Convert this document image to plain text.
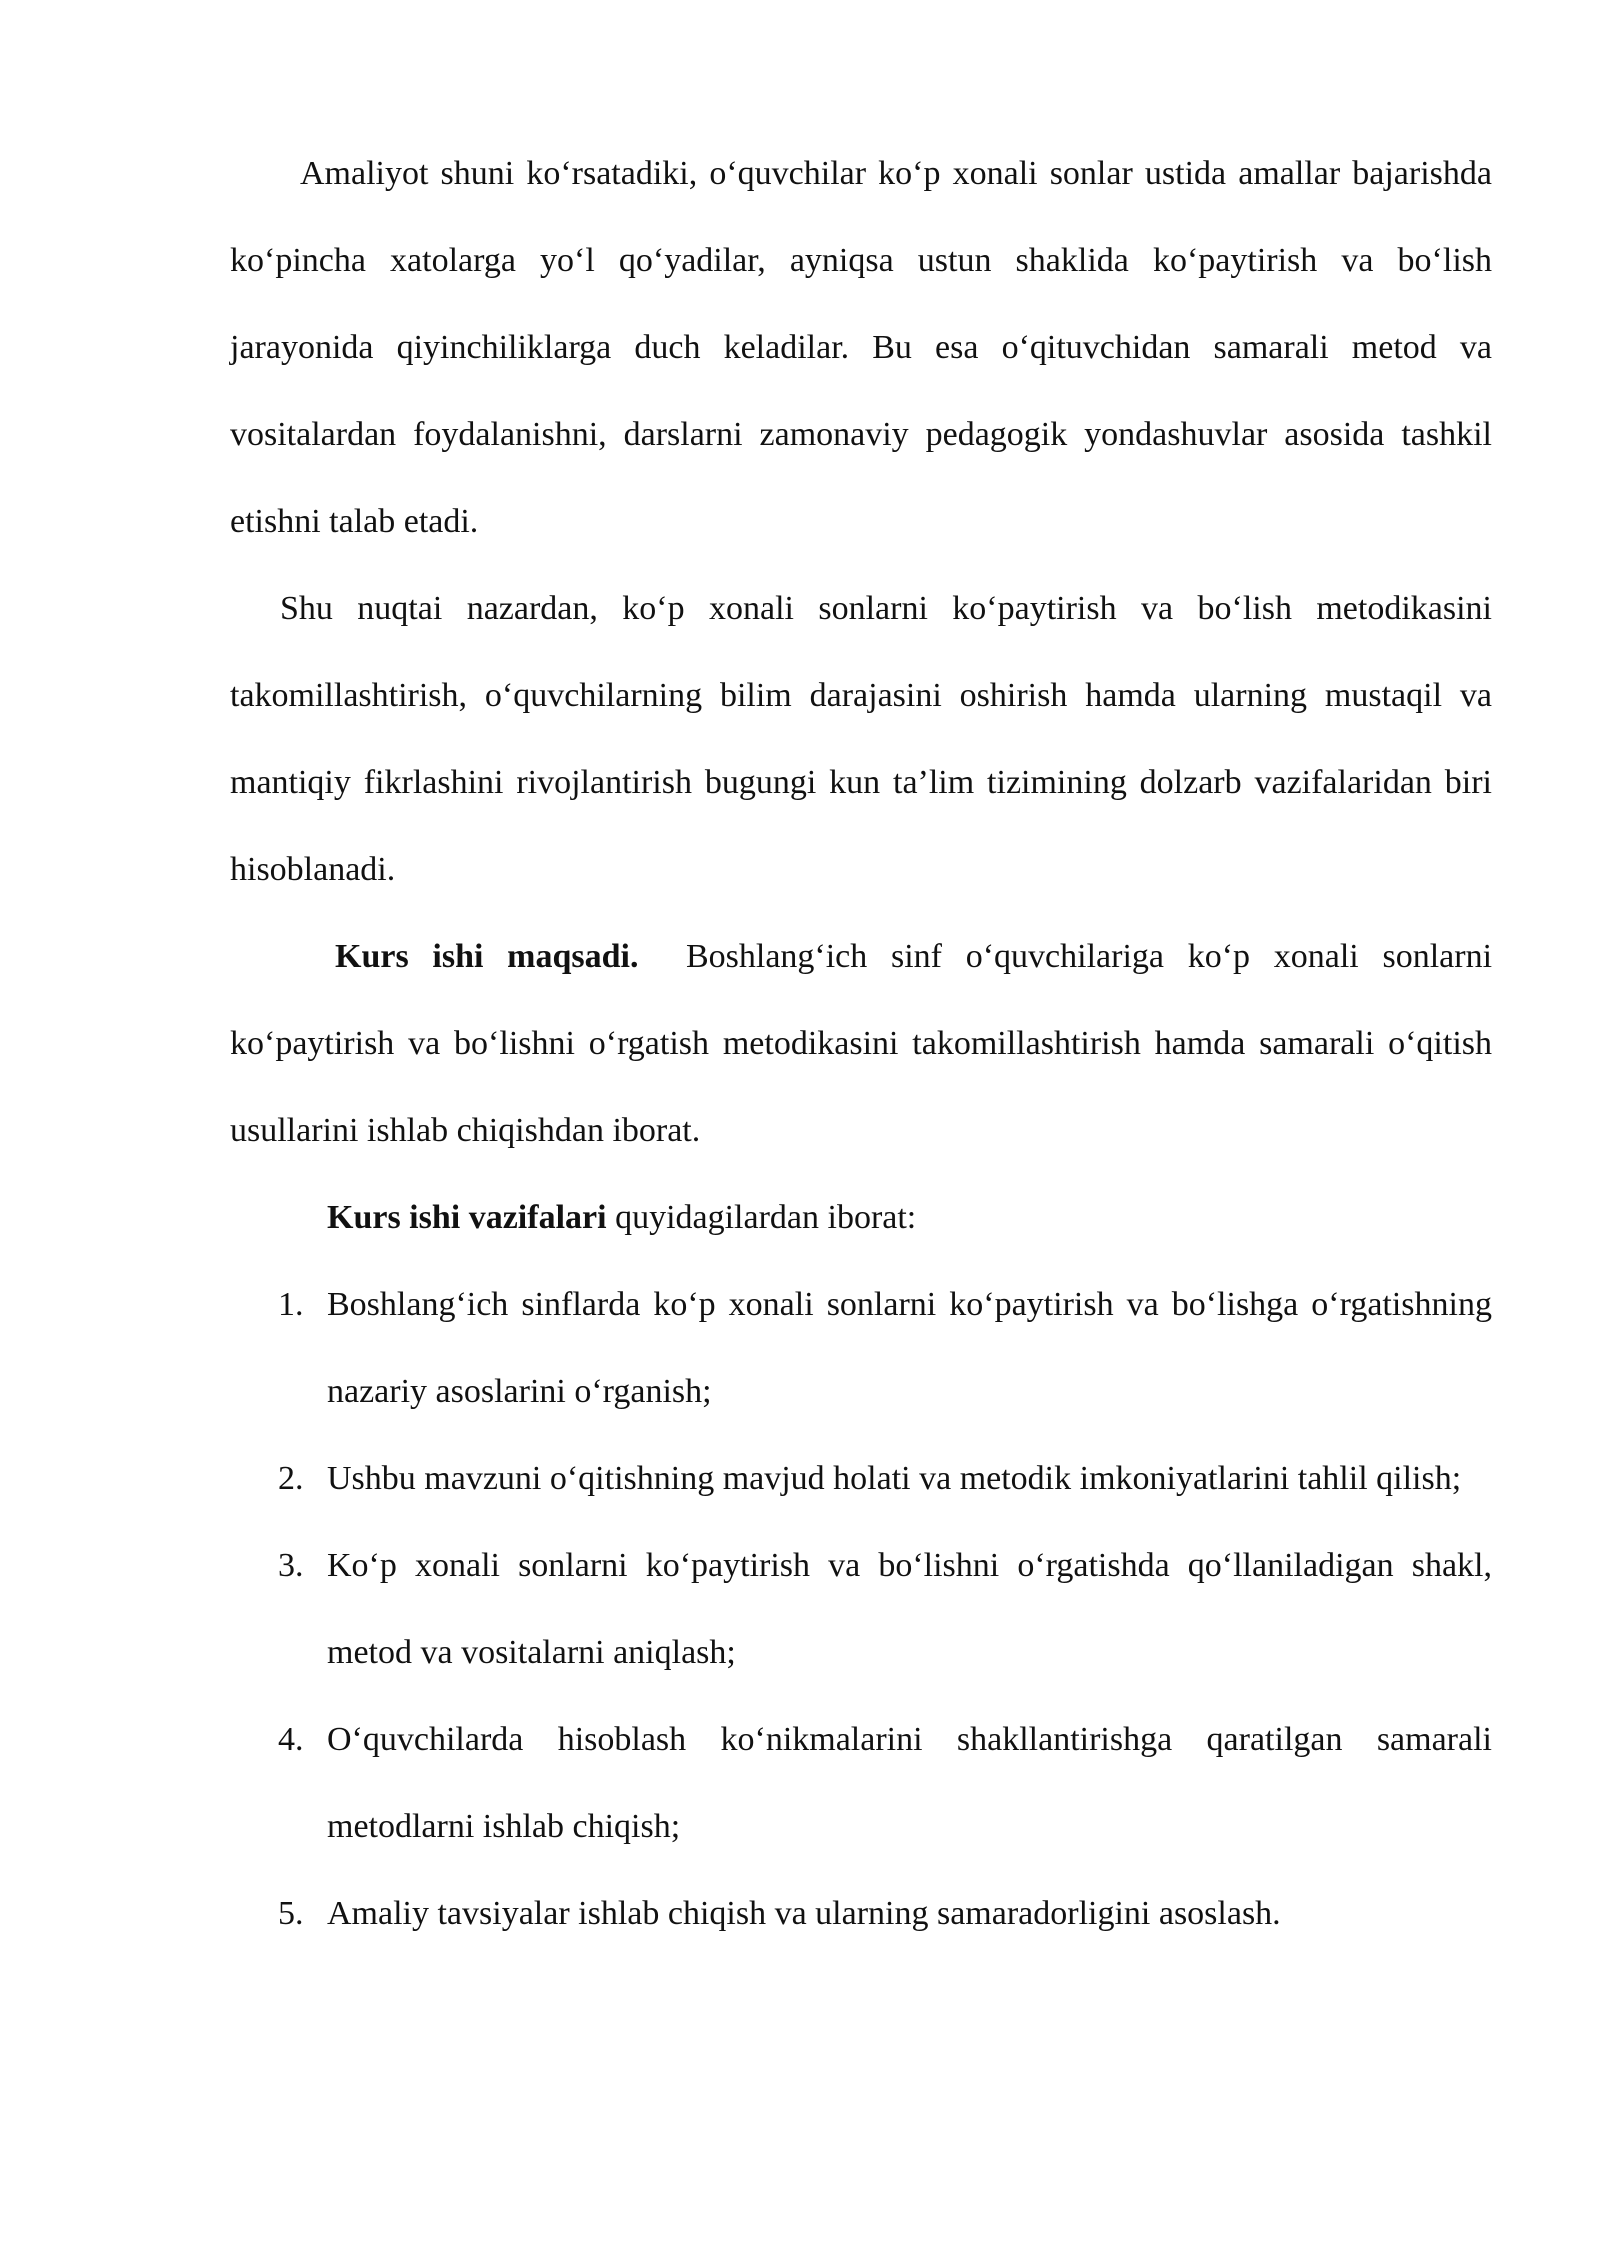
Amaliyot shuni ko‘rsatadiki, o‘quvchilar ko‘p xonali sonlar ustida amallar bajarishda ko‘pincha xatolarga yo‘l qo‘yadilar, ayniqsa ustun shaklida ko‘paytirish va bo‘lish jarayonida qiyinchiliklarga duch keladilar. Bu esa o‘qituvchidan samarali metod va vositalardan foydalanishni, darslarni zamonaviy pedagogik yondashuvlar asosida tashkil etishni talab etadi.

Shu nuqtai nazardan, ko‘p xonali sonlarni ko‘paytirish va bo‘lish metodikasini takomillashtirish, o‘quvchilarning bilim darajasini oshirish hamda ularning mustaqil va mantiqiy fikrlashini rivojlantirish bugungi kun ta’lim tizimining dolzarb vazifalaridan biri hisoblanadi.

Kurs ishi maqsadi. Boshlang‘ich sinf o‘quvchilariga ko‘p xonali sonlarni ko‘paytirish va bo‘lishni o‘rgatish metodikasini takomillashtirish hamda samarali o‘qitish usullarini ishlab chiqishdan iborat.

Kurs ishi vazifalari quyidagilardan iborat:

1. Boshlang‘ich sinflarda ko‘p xonali sonlarni ko‘paytirish va bo‘lishga o‘rgatishning nazariy asoslarini o‘rganish;
2. Ushbu mavzuni o‘qitishning mavjud holati va metodik imkoniyatlarini tahlil qilish;
3. Ko‘p xonali sonlarni ko‘paytirish va bo‘lishni o‘rgatishda qo‘llaniladigan shakl, metod va vositalarni aniqlash;
4. O‘quvchilarda hisoblash ko‘nikmalarini shakllantirishga qaratilgan samarali metodlarni ishlab chiqish;
5. Amaliy tavsiyalar ishlab chiqish va ularning samaradorligini asoslash.
